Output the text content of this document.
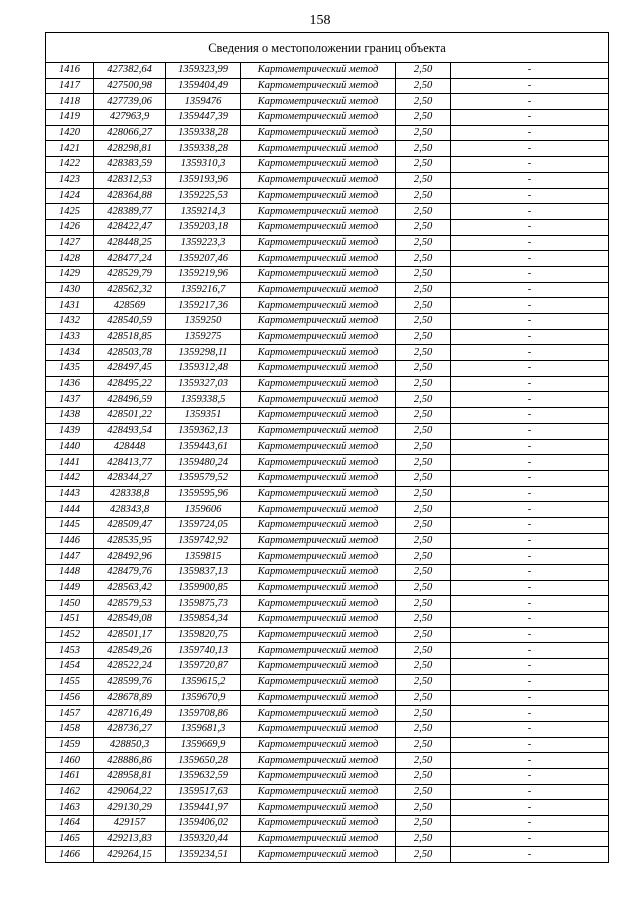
158
Сведения о местоположении границ объекта					
1416	427382,64	1359323,99	Картометрический метод	2,50	-
1417	427500,98	1359404,49	Картометрический метод	2,50	-
1418	427739,06	1359476	Картометрический метод	2,50	-
1419	427963,9	1359447,39	Картометрический метод	2,50	-
1420	428066,27	1359338,28	Картометрический метод	2,50	-
1421	428298,81	1359338,28	Картометрический метод	2,50	-
1422	428383,59	1359310,3	Картометрический метод	2,50	-
1423	428312,53	1359193,96	Картометрический метод	2,50	-
1424	428364,88	1359225,53	Картометрический метод	2,50	-
1425	428389,77	1359214,3	Картометрический метод	2,50	-
1426	428422,47	1359203,18	Картометрический метод	2,50	-
1427	428448,25	1359223,3	Картометрический метод	2,50	-
1428	428477,24	1359207,46	Картометрический метод	2,50	-
1429	428529,79	1359219,96	Картометрический метод	2,50	-
1430	428562,32	1359216,7	Картометрический метод	2,50	-
1431	428569	1359217,36	Картометрический метод	2,50	-
1432	428540,59	1359250	Картометрический метод	2,50	-
1433	428518,85	1359275	Картометрический метод	2,50	-
1434	428503,78	1359298,11	Картометрический метод	2,50	-
1435	428497,45	1359312,48	Картометрический метод	2,50	-
1436	428495,22	1359327,03	Картометрический метод	2,50	-
1437	428496,59	1359338,5	Картометрический метод	2,50	-
1438	428501,22	1359351	Картометрический метод	2,50	-
1439	428493,54	1359362,13	Картометрический метод	2,50	-
1440	428448	1359443,61	Картометрический метод	2,50	-
1441	428413,77	1359480,24	Картометрический метод	2,50	-
1442	428344,27	1359579,52	Картометрический метод	2,50	-
1443	428338,8	1359595,96	Картометрический метод	2,50	-
1444	428343,8	1359606	Картометрический метод	2,50	-
1445	428509,47	1359724,05	Картометрический метод	2,50	-
1446	428535,95	1359742,92	Картометрический метод	2,50	-
1447	428492,96	1359815	Картометрический метод	2,50	-
1448	428479,76	1359837,13	Картометрический метод	2,50	-
1449	428563,42	1359900,85	Картометрический метод	2,50	-
1450	428579,53	1359875,73	Картометрический метод	2,50	-
1451	428549,08	1359854,34	Картометрический метод	2,50	-
1452	428501,17	1359820,75	Картометрический метод	2,50	-
1453	428549,26	1359740,13	Картометрический метод	2,50	-
1454	428522,24	1359720,87	Картометрический метод	2,50	-
1455	428599,76	1359615,2	Картометрический метод	2,50	-
1456	428678,89	1359670,9	Картометрический метод	2,50	-
1457	428716,49	1359708,86	Картометрический метод	2,50	-
1458	428736,27	1359681,3	Картометрический метод	2,50	-
1459	428850,3	1359669,9	Картометрический метод	2,50	-
1460	428886,86	1359650,28	Картометрический метод	2,50	-
1461	428958,81	1359632,59	Картометрический метод	2,50	-
1462	429064,22	1359517,63	Картометрический метод	2,50	-
1463	429130,29	1359441,97	Картометрический метод	2,50	-
1464	429157	1359406,02	Картометрический метод	2,50	-
1465	429213,83	1359320,44	Картометрический метод	2,50	-
1466	429264,15	1359234,51	Картометрический метод	2,50	-
